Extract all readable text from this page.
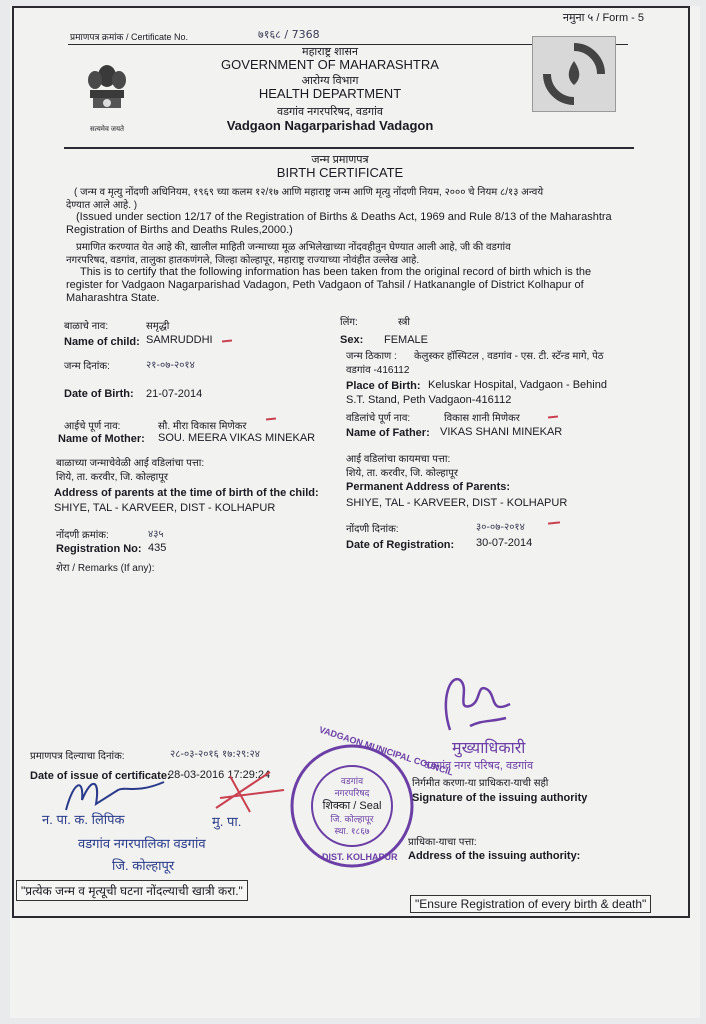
नमुना ५ / Form - 5
प्रमाणपत्र क्रमांक / Certificate No.	७१६८ / 7368
सत्यमेव जयते
महाराष्ट्र शासन
GOVERNMENT OF MAHARASHTRA
आरोग्य विभाग
HEALTH DEPARTMENT
वडगांव नगरपरिषद, वडगांव
Vadgaon Nagarparishad Vadagon
जन्म प्रमाणपत्र
BIRTH CERTIFICATE
( जन्म व मृत्यु नोंदणी अधिनियम, १९६९ च्या कलम १२/१७ आणि महाराष्ट्र जन्म आणि मृत्यु नोंदणी नियम, २००० चे नियम ८/१३ अन्वये
देण्यात आले आहे. )
(Issued under section 12/17 of the Registration of Births & Deaths Act, 1969 and Rule 8/13 of the Maharashtra
Registration of Births and Deaths Rules,2000.)
प्रमाणित करण्यात येत आहे की, खालील माहिती जन्माच्या मूळ अभिलेखाच्या नोंदवहीतुन घेण्यात आली आहे, जी की वडगांव
नगरपरिषद, वडगांव, तालुका हातकणंगले, जिल्हा कोल्हापूर, महाराष्ट्र राज्याच्या नोवंहीत उल्लेख आहे.
This is to certify that the following information has been taken from the original record of birth which is the
register for Vadgaon Nagarparishad Vadagon, Peth Vadgaon of Tahsil / Hatkanangle of District Kolhapur of
Maharashtra State.
बाळाचे नाव:	समृद्धी
Name of child: SAMRUDDHI
लिंग:	स्त्री
Sex: FEMALE
जन्म दिनांक:	२१-०७-२०१४
Date of Birth: 21-07-2014
जन्म ठिकाण : केलुस्कर हॉस्पिटल , वडगांव - एस. टी. स्टॅन्ड मागे, पेठ
वडगांव -416112
Place of Birth: Keluskar Hospital, Vadgaon - Behind
S.T. Stand, Peth Vadgaon-416112
आईचे पूर्ण नाव:	सौ. मीरा विकास मिणेकर
Name of Mother: SOU. MEERA VIKAS MINEKAR
वडिलांचे पूर्ण नाव:	विकास शानी मिणेकर
Name of Father: VIKAS SHANI MINEKAR
बाळाच्या जन्माचेवेळी आई वडिलांचा पत्ता:
शिये, ता. करवीर, जि. कोल्हापूर
Address of parents at the time of birth of the child:
SHIYE, TAL - KARVEER, DIST - KOLHAPUR
आई वडिलांचा कायमचा पत्ता:
शिये, ता. करवीर, जि. कोल्हापूर
Permanent Address of Parents:
SHIYE, TAL - KARVEER, DIST - KOLHAPUR
नोंदणी क्रमांक:	४३५
Registration No: 435
नोंदणी दिनांक:	३०-०७-२०१४
Date of Registration: 30-07-2014
शेरा / Remarks (If any):
प्रमाणपत्र दिल्याचा दिनांक:	२८-०३-२०१६ १७:२९:२४
Date of issue of certificate:
28-03-2016 17:29:24
न. पा. क. लिपिक
वडगांव नगरपालिका वडगांव
जि. कोल्हापूर
मु. पा.
VADGAON MUNICIPAL COUNCIL
DIST. KOLHAPUR
वडगांव
नगरपरिषद
शिक्का / Seal
जि. कोल्हापूर
स्था. १८६७
मुख्याधिकारी
वडगांव नगर परिषद, वडगांव
निर्गमीत करणा-या प्राधिकरा-याची सही
Signature of the issuing authority
प्राधिका-याचा पत्ता:
Address of the issuing authority:
"प्रत्येक जन्म व मृत्यूची घटना नोंदल्याची खात्री करा."
"Ensure Registration of every birth & death"
